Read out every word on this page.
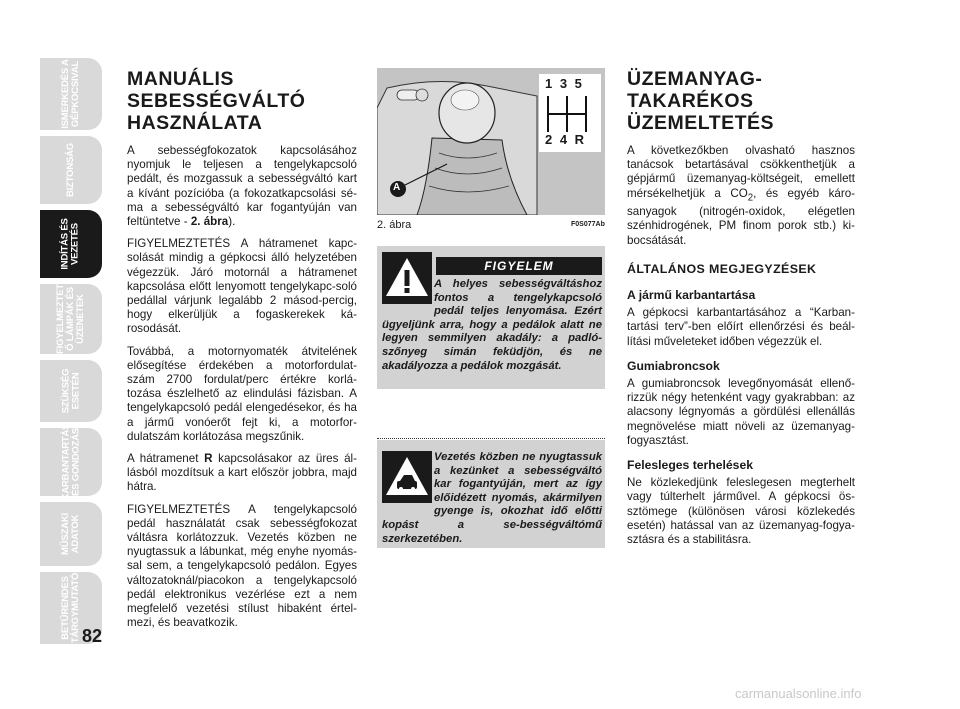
ISMERKEDÉS A
GÉPKOCSIVAL
BIZTONSÁG
INDÍTÁS ÉS
VEZETÉS
FIGYELMEZTET
Ő LÁMPÁK ÉS
ÜZENETEK
SZÜKSÉG
ESETÉN
KARBANTARTÁS
ÉS GONDOZÁS
MŰSZAKI
ADATOK
BETŰRENDES
TÁRGYMUTATÓ 82
MANUÁLIS
SEBESSÉGVÁLTÓ
HASZNÁLATA

A sebességfokozatok kapcsolásához nyomjuk le teljesen a tengelykapcsoló pedált, és mozgassuk a sebességváltó kart a kívánt pozícióba (a fokozatkapcsolási sé-ma a sebességváltó kar fogantyúján van feltüntetve - 2. ábra).

FIGYELMEZTETÉS A hátramenet kapc-solását mindig a gépkocsi álló helyzetében végezzük. Járó motornál a hátramenet kapcsolása előtt lenyomott tengelykapc-soló pedállal várjunk legalább 2 másod-percig, hogy elkerüljük a fogaskerekek ká-rosodását.

Továbbá, a motornyomaték átvitelének elősegítése érdekében a motorfordulat-szám 2700 fordulat/perc értékre korlá-tozása észlelhető az elindulási fázisban. A tengelykapcsoló pedál elengedésekor, és ha a jármű vonóerőt fejt ki, a motorfor-dulatszám korlátozása megszűnik.

A hátramenet R kapcsolásakor az üres ál-lásból mozdítsuk a kart először jobbra, majd hátra.

FIGYELMEZTETÉS A tengelykapcsoló pedál használatát csak sebességfokozat váltásra korlátozzuk. Vezetés közben ne nyugtassuk a lábunkat, még enyhe nyomás-sal sem, a tengelykapcsoló pedálon. Egyes változatoknál/piacokon a tengelykapcsoló pedál elektronikus vezérlése ezt a nem megfelelő vezetési stílust hibaként értel-mezi, és beavatkozik.

1 3 5
2 4 R
A
2. ábra	F0S077Ab
FIGYELEM
A helyes sebességváltáshoz fontos a tengelykapcsoló pedál teljes lenyomása. Ezért ügyeljünk arra, hogy a pedálok alatt ne legyen semmilyen akadály: a padló-szőnyeg simán feküdjön, és ne akadályozza a pedálok mozgását.
Vezetés közben ne nyugtassuk a kezünket a sebességváltó kar fogantyúján, mert az így előidézett nyomás, akármilyen gyenge is, okozhat idő előtti kopást a se-bességváltómű szerkezetében.
ÜZEMANYAG-
TAKARÉKOS
ÜZEMELTETÉS

A következőkben olvasható hasznos tanácsok betartásával csökkenthetjük a gépjármű üzemanyag-költségeit, emellett mérsékelhetjük a $CO_2$, és egyéb káro-sanyagok (nitrogén-oxidok, elégetlen szénhidrogének, PM finom porok stb.) ki-bocsátását.

ÁLTALÁNOS MEGJEGYZÉSEK
A jármű karbantartása

A gépkocsi karbantartásához a “Karban-tartási terv”-ben előírt ellenőrzési és beál-lítási műveleteket időben végezzük el.

Gumiabroncsok

A gumiabroncsok levegőnyomását ellenő-rizzük négy hetenként vagy gyakrabban: az alacsony légnyomás a gördülési ellenállás megnövelése miatt növeli az üzemanyag-fogyasztást.

Felesleges terhelések

Ne közlekedjünk feleslegesen megterhelt vagy túlterhelt járművel. A gépkocsi ös-sztömege (különösen városi közlekedés esetén) hatással van az üzemanyag-fogya-sztásra és a stabilitásra.

carmanualsonline.info
